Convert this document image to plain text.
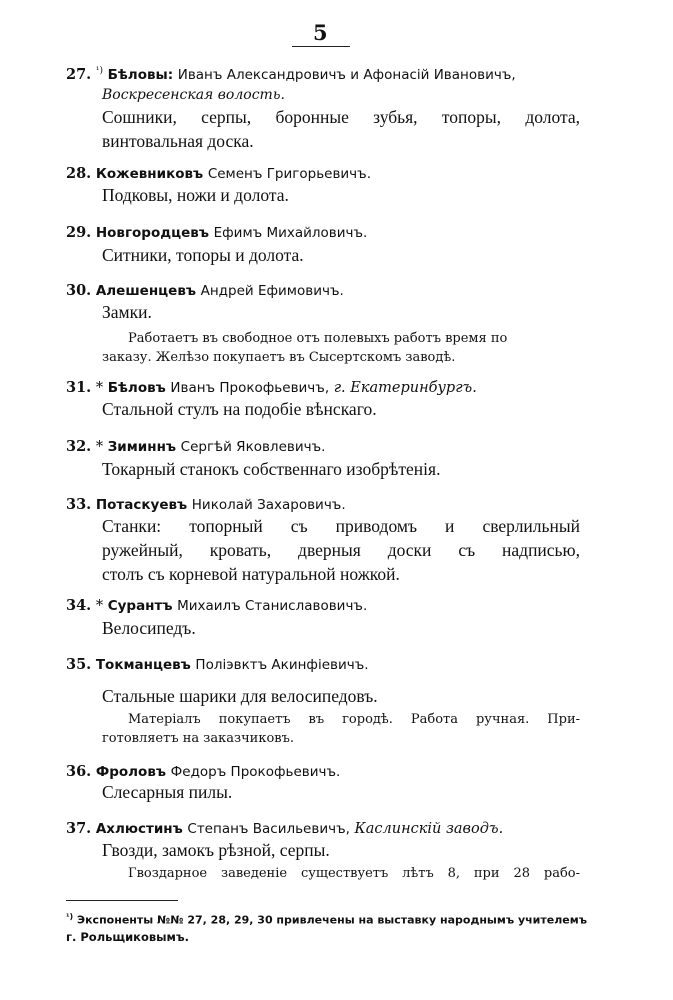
5
27. $^{^1)}$ Бѣловы: Иванъ Александровичъ и Афонасій Ивановичъ,
Воскресенская волость.
Сошники, серпы, боронные зубья, топоры, долота,
винтовальная доска.
28. Кожевниковъ Семенъ Григорьевичъ.
Подковы, ножи и долота.
29. Новгородцевъ Ефимъ Михайловичъ.
Ситники, топоры и долота.
30. Алешенцевъ Андрей Ефимовичъ.
Замки.
Работаетъ въ свободное отъ полевыхъ работъ время по
заказу. Желѣзо покупаетъ въ Сысертскомъ заводѣ.
31. * Бѣловъ Иванъ Прокофьевичъ, г. Екатеринбургъ.
Стальной стулъ на подобіе вѣнскаго.
32. * Зиминнъ Сергѣй Яковлевичъ.
Токарный станокъ собственнаго изобрѣтенія.
33. Потаскуевъ Николай Захаровичъ.
Станки: топорный съ приводомъ и сверлильный
ружейный, кровать, дверныя доски съ надписью,
столъ съ корневой натуральной ножкой.
34. * Сурантъ Михаилъ Станиславовичъ.
Велосипедъ.
35. Токманцевъ Поліэвктъ Акинфіевичъ.
Стальные шарики для велосипедовъ.
Матеріалъ покупаетъ въ городѣ. Работа ручная. При-
готовляетъ на заказчиковъ.
36. Фроловъ Федоръ Прокофьевичъ.
Слесарныя пилы.
37. Ахлюстинъ Степанъ Васильевичъ, Каслинскій заводъ.
Гвозди, замокъ рѣзной, серпы.
Гвоздарное заведеніе существуетъ лѣтъ 8, при 28 рабо-
$^{^1)}$ Экспоненты №№ 27, 28, 29, 30 привлечены на выставку народнымъ учителемъ
г. Рольщиковымъ.
